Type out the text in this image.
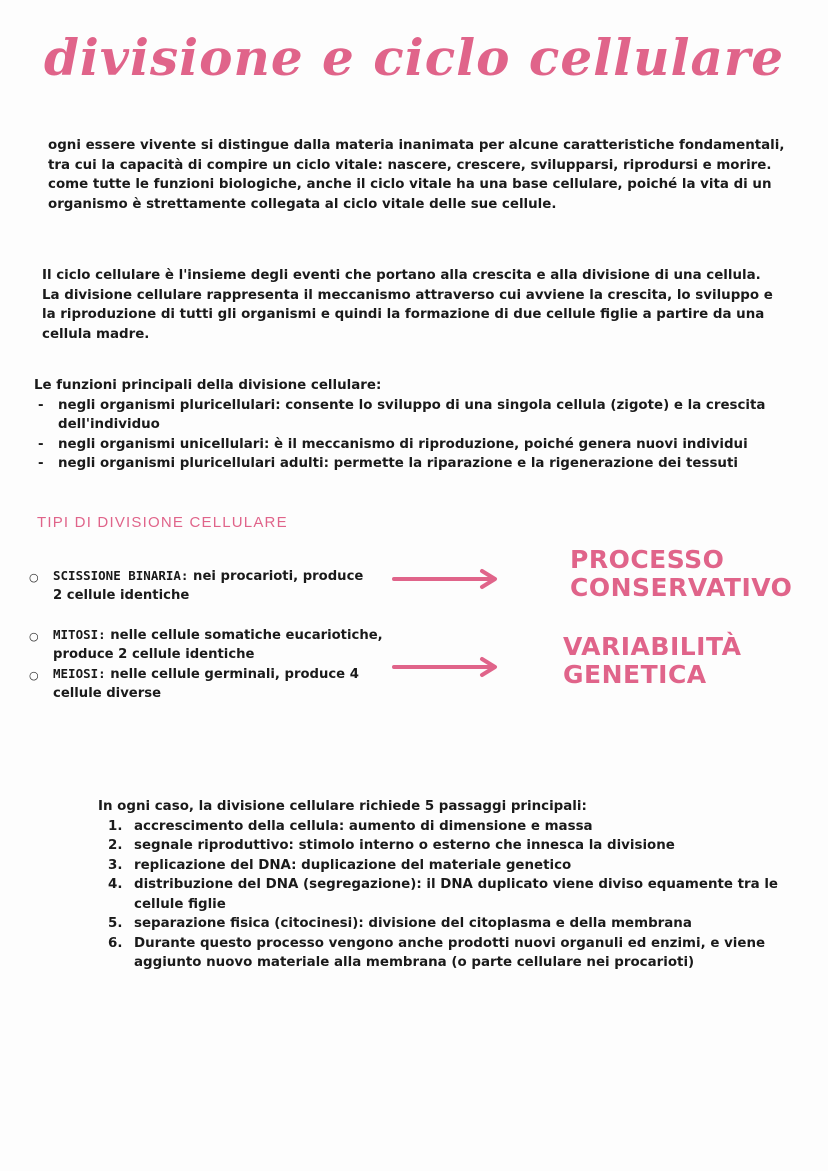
divisione e ciclo cellulare
ogni essere vivente si distingue dalla materia inanimata per alcune caratteristiche fondamentali, tra cui la capacità di compire un ciclo vitale: nascere, crescere, svilupparsi, riprodursi e morire.
come tutte le funzioni biologiche, anche il ciclo vitale ha una base cellulare, poiché la vita di un organismo è strettamente collegata al ciclo vitale delle sue cellule.

Il ciclo cellulare è l'insieme degli eventi che portano alla crescita e alla divisione di una cellula. La divisione cellulare rappresenta il meccanismo attraverso cui avviene la crescita, lo sviluppo e la riproduzione di tutti gli organismi e quindi la formazione di due cellule figlie a partire da una cellula madre.

Le funzioni principali della divisione cellulare:
- negli organismi pluricellulari: consente lo sviluppo di una singola cellula (zigote) e la crescita dell'individuo
- negli organismi unicellulari: è il meccanismo di riproduzione, poiché genera nuovi individui
- negli organismi pluricellulari adulti: permette la riparazione e la rigenerazione dei tessuti
TIPI DI DIVISIONE CELLULARE
○ SCISSIONE BINARIA: nei procarioti, produce 2 cellule identiche
○ MITOSI: nelle cellule somatiche eucariotiche, produce 2 cellule identiche
○ MEIOSI: nelle cellule germinali, produce 4 cellule diverse
PROCESSO
CONSERVATIVO
VARIABILITÀ
GENETICA
In ogni caso, la divisione cellulare richiede 5 passaggi principali:
1. accrescimento della cellula: aumento di dimensione e massa
2. segnale riproduttivo: stimolo interno o esterno che innesca la divisione
3. replicazione del DNA: duplicazione del materiale genetico
4. distribuzione del DNA (segregazione): il DNA duplicato viene diviso equamente tra le cellule figlie
5. separazione fisica (citocinesi): divisione del citoplasma e della membrana
6. Durante questo processo vengono anche prodotti nuovi organuli ed enzimi, e viene aggiunto nuovo materiale alla membrana (o parte cellulare nei procarioti)
